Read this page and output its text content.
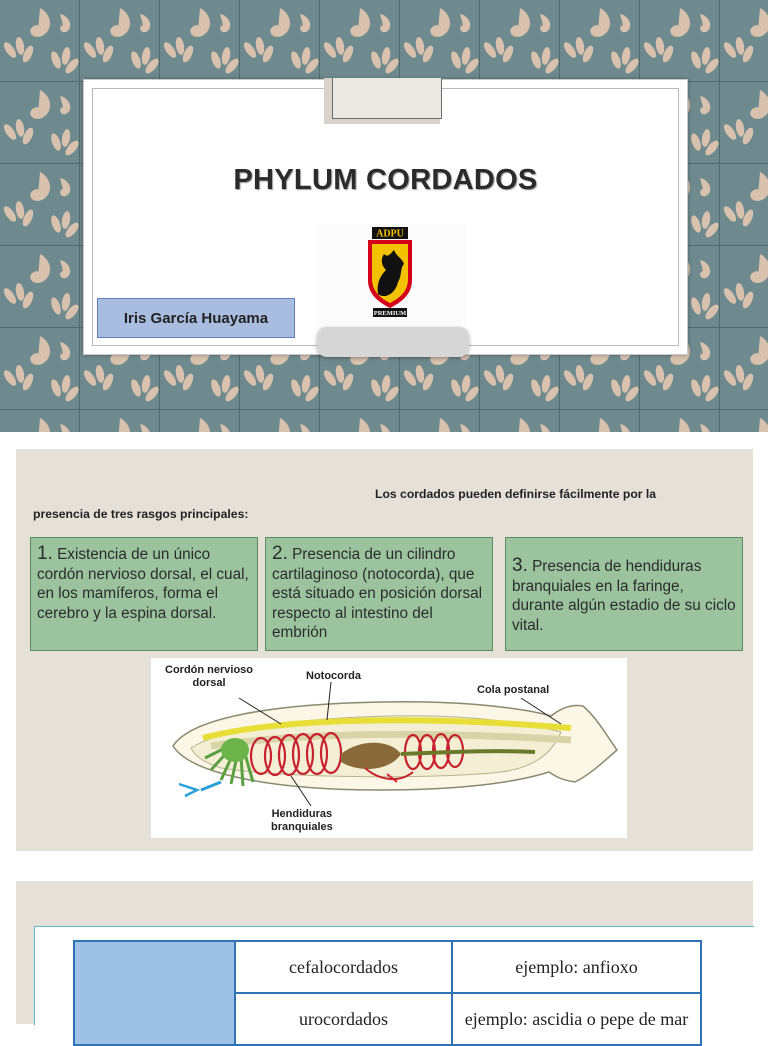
PHYLUM CORDADOS
ADPU
PREMIUM
Iris García Huayama
Los cordados pueden definirse fácilmente por la
presencia de tres rasgos principales:
1. Existencia de un único cordón nervioso dorsal, el cual, en los mamíferos, forma el cerebro y la espina dorsal.
2. Presencia de un cilindro cartilaginoso (notocorda), que está situado en posición dorsal respecto al intestino del embrión
3. Presencia de hendiduras branquiales en la faringe, durante algún estadio de su ciclo vital.
Cordón nervioso
dorsal
Notocorda
Cola postanal
Hendiduras
branquiales
	cefalocordados	ejemplo: anfioxo
	urocordados	ejemplo: ascidia o pepe de mar
